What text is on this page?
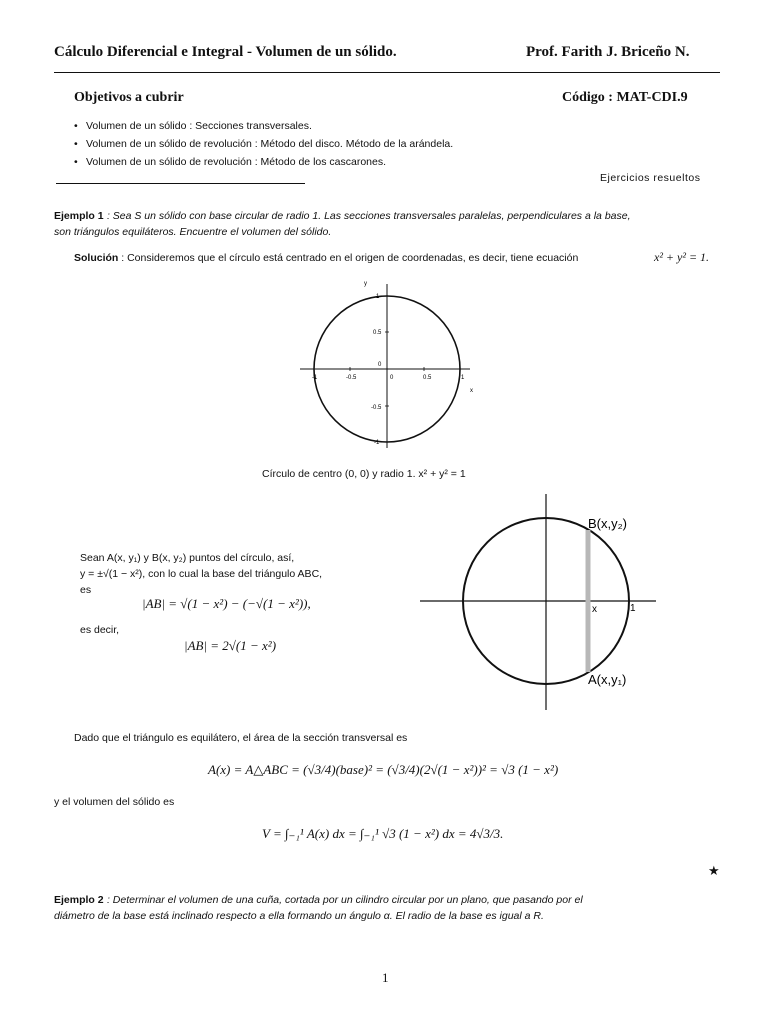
Cálculo Diferencial e Integral - Volumen de un sólido.	Prof. Farith J. Briceño N.
Objetivos a cubrir	Código : MAT-CDI.9
• Volumen de un sólido : Secciones transversales.
• Volumen de un sólido de revolución : Método del disco. Método de la arándela.
• Volumen de un sólido de revolución : Método de los cascarones.
Ejercicios resueltos
Ejemplo 1 : Sea S un sólido con base circular de radio 1. Las secciones transversales paralelas, perpendiculares a la base,
son triángulos equiláteros. Encuentre el volumen del sólido.
Solución : Consideremos que el círculo está centrado en el origen de coordenadas, es decir, tiene ecuación	x² + y² = 1.
y
x
-1	-0.5	0	0.5	1
1
0.5
0
-0.5
-1
Círculo de centro (0, 0) y radio 1. x² + y² = 1
B(x,y₂)
A(x,y₁)
x	1
Sean A(x, y₁) y B(x, y₂) puntos del círculo, así,
y = ±√(1 − x²), con lo cual la base del triángulo ABC,
es
|AB| = √(1 − x²) − (−√(1 − x²)),
es decir,
|AB| = 2√(1 − x²)
Dado que el triángulo es equilátero, el área de la sección transversal es
A(x) = A△ABC = (√3/4)(base)² = (√3/4)(2√(1 − x²))² = √3 (1 − x²)
y el volumen del sólido es
V = ∫₋₁¹ A(x) dx = ∫₋₁¹ √3 (1 − x²) dx = 4√3/3.
★
Ejemplo 2 : Determinar el volumen de una cuña, cortada por un cilindro circular por un plano, que pasando por el
diámetro de la base está inclinado respecto a ella formando un ángulo α. El radio de la base es igual a R.
1
